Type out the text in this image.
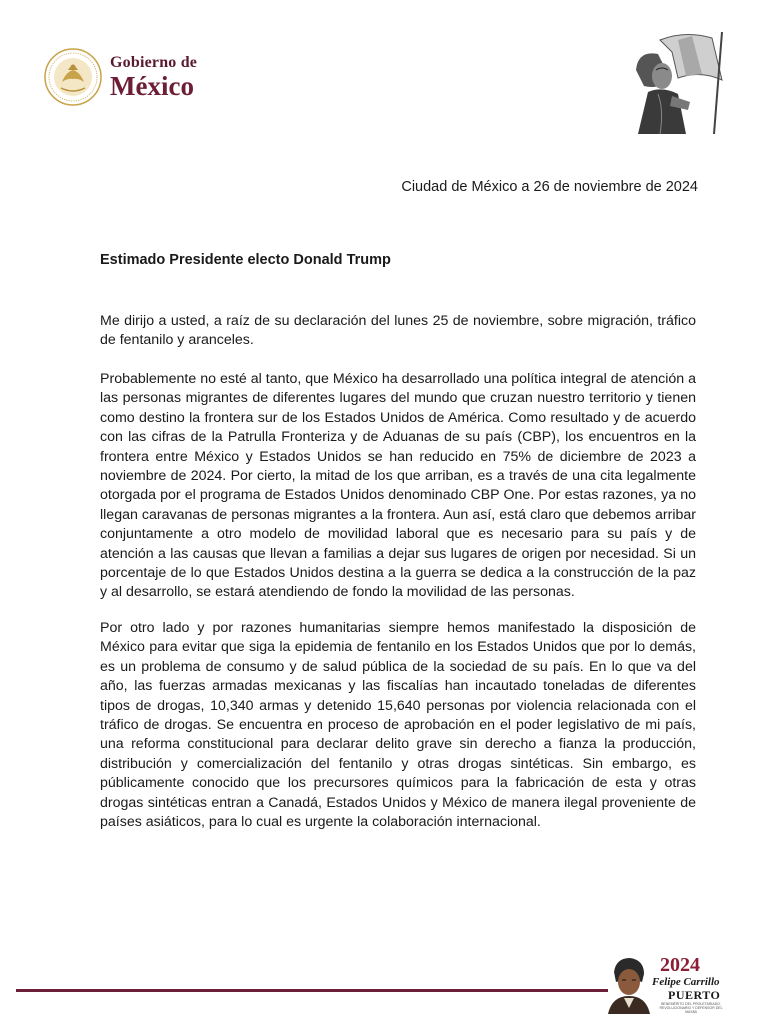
Gobierno de
México
Ciudad de México a 26 de noviembre de 2024
Estimado Presidente electo Donald Trump
Me dirijo a usted, a raíz de su declaración del lunes 25 de noviembre, sobre migración, tráfico de fentanilo y aranceles.
Probablemente no esté al tanto, que México ha desarrollado una política integral de atención a las personas migrantes de diferentes lugares del mundo que cruzan nuestro territorio y tienen como destino la frontera sur de los Estados Unidos de América. Como resultado y de acuerdo con las cifras de la Patrulla Fronteriza y de Aduanas de su país (CBP), los encuentros en la frontera entre México y Estados Unidos se han reducido en 75% de diciembre de 2023 a noviembre de 2024. Por cierto, la mitad de los que arriban, es a través de una cita legalmente otorgada por el programa de Estados Unidos denominado CBP One. Por estas razones, ya no llegan caravanas de personas migrantes a la frontera. Aun así, está claro que debemos arribar conjuntamente a otro modelo de movilidad laboral que es necesario para su país y de atención a las causas que llevan a familias a dejar sus lugares de origen por necesidad. Si un porcentaje de lo que Estados Unidos destina a la guerra se dedica a la construcción de la paz y al desarrollo, se estará atendiendo de fondo la movilidad de las personas.
Por otro lado y por razones humanitarias siempre hemos manifestado la disposición de México para evitar que siga la epidemia de fentanilo en los Estados Unidos que por lo demás, es un problema de consumo y de salud pública de la sociedad de su país. En lo que va del año, las fuerzas armadas mexicanas y las fiscalías han incautado toneladas de diferentes tipos de drogas, 10,340 armas y detenido 15,640 personas por violencia relacionada con el tráfico de drogas. Se encuentra en proceso de aprobación en el poder legislativo de mi país, una reforma constitucional para declarar delito grave sin derecho a fianza la producción, distribución y comercialización del fentanilo y otras drogas sintéticas. Sin embargo, es públicamente conocido que los precursores químicos para la fabricación de esta y otras drogas sintéticas entran a Canadá, Estados Unidos y México de manera ilegal proveniente de países asiáticos, para lo cual es urgente la colaboración internacional.
2024
Felipe Carrillo
PUERTO
BENEMÉRITO DEL PROLETARIADO, REVOLUCIONARIO Y DEFENSOR DEL MAYAB
